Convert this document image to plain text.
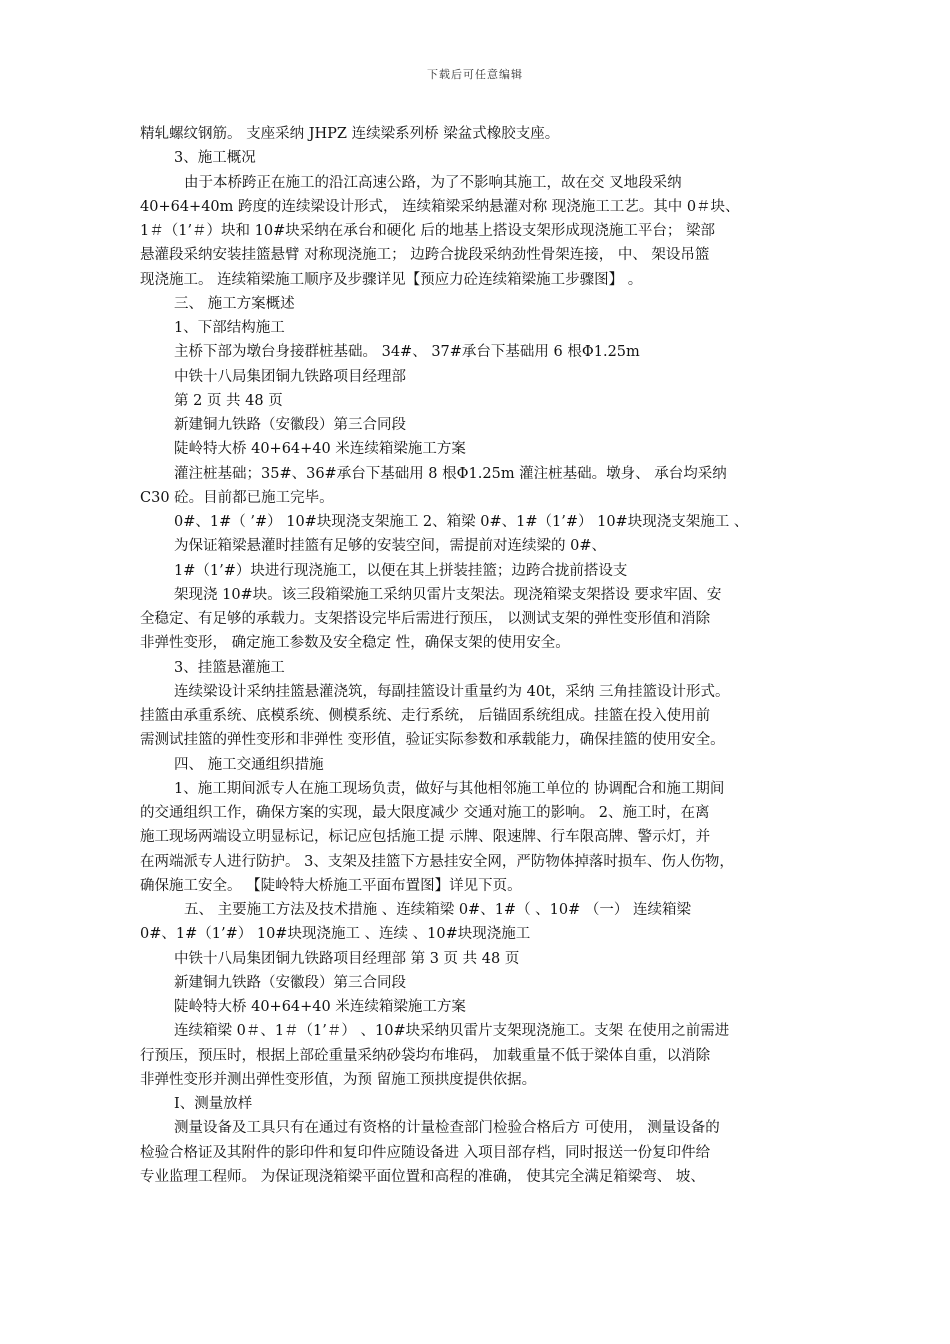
下载后可任意编辑
精轧螺纹钢筋。 支座采纳 JHPZ 连续梁系列桥 梁盆式橡胶支座。
3、施工概况
由于本桥跨正在施工的沿江高速公路，为了不影响其施工，故在交 叉地段采纳
40+64+40m 跨度的连续梁设计形式， 连续箱梁采纳悬灌对称 现浇施工工艺。其中 0＃块、
1＃（1’＃）块和 10#块采纳在承台和硬化 后的地基上搭设支架形成现浇施工平台； 梁部
悬灌段采纳安装挂篮悬臂 对称现浇施工； 边跨合拢段采纳劲性骨架连接， 中、 架设吊篮
现浇施工。 连续箱梁施工顺序及步骤详见【预应力砼连续箱梁施工步骤图】 。
三、 施工方案概述
1、下部结构施工
主桥下部为墩台身接群桩基础。 34#、 37#承台下基础用 6 根Φ1.25m
中铁十八局集团铜九铁路项目经理部
第 2 页 共 48 页
新建铜九铁路（安徽段）第三合同段
陡岭特大桥 40+64+40 米连续箱梁施工方案
灌注桩基础；35#、36#承台下基础用 8 根Φ1.25m 灌注桩基础。墩身、 承台均采纳
C30 砼。目前都已施工完毕。
0#、1#（ ’#） 10#块现浇支架施工 2、箱梁 0#、1#（1’#） 10#块现浇支架施工 、
为保证箱梁悬灌时挂篮有足够的安装空间，需提前对连续梁的 0#、
1#（1’#）块进行现浇施工，以便在其上拼装挂篮；边跨合拢前搭设支
架现浇 10#块。该三段箱梁施工采纳贝雷片支架法。现浇箱梁支架搭设 要求牢固、安
全稳定、有足够的承载力。支架搭设完毕后需进行预压， 以测试支架的弹性变形值和消除
非弹性变形， 确定施工参数及安全稳定 性，确保支架的使用安全。
3、挂篮悬灌施工
连续梁设计采纳挂篮悬灌浇筑，每副挂篮设计重量约为 40t，采纳 三角挂篮设计形式。
挂篮由承重系统、底模系统、侧模系统、走行系统， 后锚固系统组成。挂篮在投入使用前
需测试挂篮的弹性变形和非弹性 变形值，验证实际参数和承载能力，确保挂篮的使用安全。
四、 施工交通组织措施
1、施工期间派专人在施工现场负责，做好与其他相邻施工单位的 协调配合和施工期间
的交通组织工作，确保方案的实现，最大限度减少 交通对施工的影响。 2、施工时，在离
施工现场两端设立明显标记，标记应包括施工提 示牌、限速牌、行车限高牌、警示灯，并
在两端派专人进行防护。 3、支架及挂篮下方悬挂安全网，严防物体掉落时损车、伤人伤物，
确保施工安全。 【陡岭特大桥施工平面布置图】详见下页。
五、 主要施工方法及技术措施 、连续箱梁 0#、1#（ 、10# （一） 连续箱梁
0#、1#（1’#） 10#块现浇施工 、连续 、10#块现浇施工
中铁十八局集团铜九铁路项目经理部 第 3 页 共 48 页
新建铜九铁路（安徽段）第三合同段
陡岭特大桥 40+64+40 米连续箱梁施工方案
连续箱梁 0＃、1＃（1’＃） 、10#块采纳贝雷片支架现浇施工。支架 在使用之前需进
行预压，预压时，根据上部砼重量采纳砂袋均布堆码， 加载重量不低于梁体自重，以消除
非弹性变形并测出弹性变形值，为预 留施工预拱度提供依据。
Ⅰ、测量放样
测量设备及工具只有在通过有资格的计量检查部门检验合格后方 可使用， 测量设备的
检验合格证及其附件的影印件和复印件应随设备进 入项目部存档，同时报送一份复印件给
专业监理工程师。 为保证现浇箱梁平面位置和高程的准确， 使其完全满足箱梁弯、 坡、
